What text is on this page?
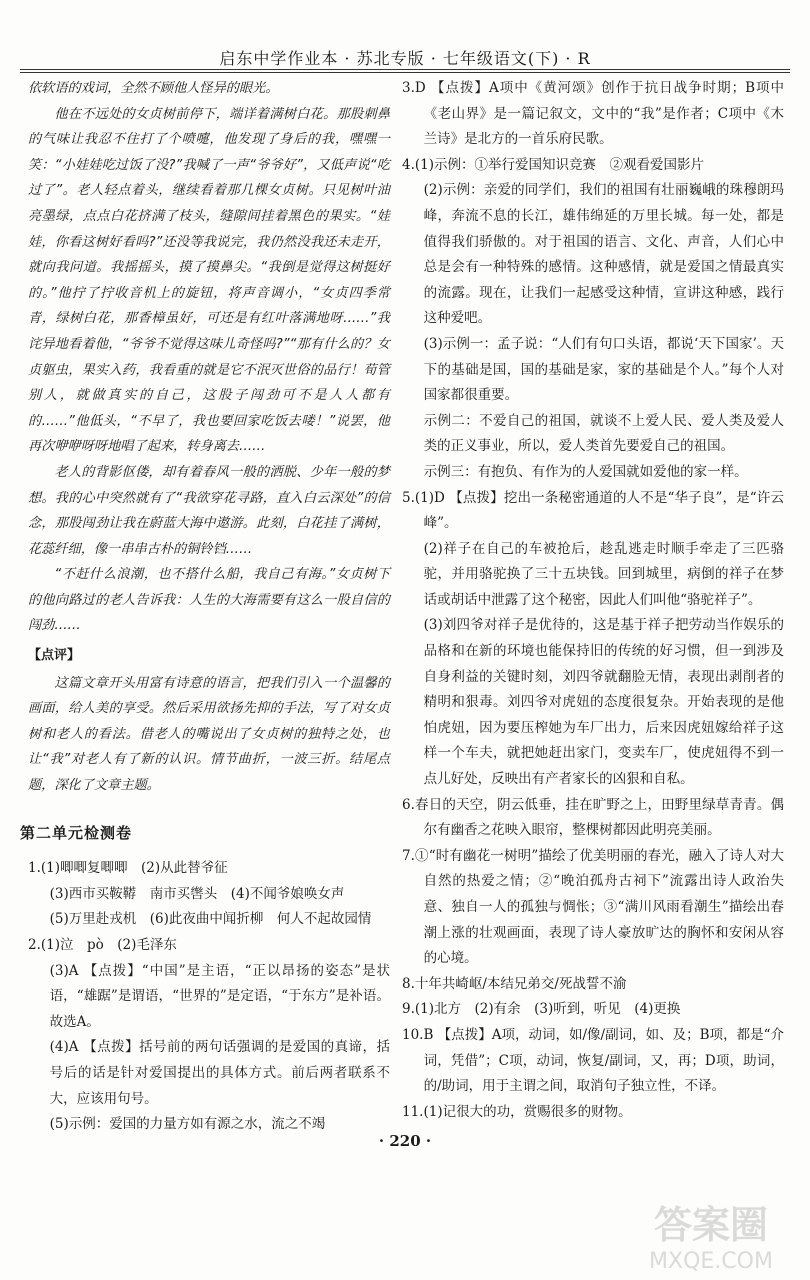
启东中学作业本 · 苏北专版 · 七年级语文(下) · R

依软语的戏词，全然不顾他人怪异的眼光。

他在不远处的女贞树前停下，端详着满树白花。那股刺鼻的气味让我忍不住打了个喷嚏，他发现了身后的我，嘿嘿一笑：“小娃娃吃过饭了没?”我喊了一声“爷爷好”，又低声说“吃过了”。老人轻点着头，继续看着那几棵女贞树。只见树叶油亮墨绿，点点白花挤满了枝头，缝隙间挂着黑色的果实。“娃娃，你看这树好看吗?”还没等我说完，我仍然没我还未走开，就向我问道。我摇摇头，摸了摸鼻尖。“我倒是觉得这树挺好的。”他拧了拧收音机上的旋钮，将声音调小，“女贞四季常青，绿树白花，那香樟虽好，可还是有红叶落满地呀……”我诧异地看着他，“爷爷不觉得这味儿奇怪吗?”“那有什么的？女贞躯虫，果实入药，我看重的就是它不泯灭世俗的品行！荀管别人，就做真实的自己，这股子闯劲可不是人人都有的……”他低头，“不早了，我也要回家吃饭去喽！”说罢，他再次咿咿呀呀地唱了起来，转身离去……

老人的背影伛偻，却有着春风一般的洒脱、少年一般的梦想。我的心中突然就有了“我欲穿花寻路，直入白云深处”的信念，那股闯劲让我在蔚蓝大海中遨游。此刻，白花挂了满树，花蕊纤细，像一串串古朴的铜铃铛……

“不赶什么浪潮，也不搭什么船，我自己有海。”女贞树下的他向路过的老人告诉我：人生的大海需要有这么一股自信的闯劲……

【点评】

这篇文章开头用富有诗意的语言，把我们引入一个温馨的画面，给人美的享受。然后采用欲扬先抑的手法，写了对女贞树和老人的看法。借老人的嘴说出了女贞树的独特之处，也让“我”对老人有了新的认识。情节曲折，一波三折。结尾点题，深化了文章主题。

第二单元检测卷

1.(1)唧唧复唧唧　(2)从此替爷征

(3)西市买鞍鞯　南市买辔头　(4)不闻爷娘唤女声

(5)万里赴戎机　(6)此夜曲中闻折柳　何人不起故园情

2.(1)泣　pò　(2)毛泽东

(3)A 【点拨】“中国”是主语，“正以昂扬的姿态”是状语，“雄踞”是谓语，“世界的”是定语，“于东方”是补语。故选A。

(4)A 【点拨】括号前的两句话强调的是爱国的真谛，括号后的话是针对爱国提出的具体方式。前后两者联系不大，应该用句号。

(5)示例：爱国的力量方如有源之水，流之不竭

3.D 【点拨】A项中《黄河颂》创作于抗日战争时期；B项中《老山界》是一篇记叙文，文中的“我”是作者；C项中《木兰诗》是北方的一首乐府民歌。

4.(1)示例：①举行爱国知识竞赛　②观看爱国影片

(2)示例：亲爱的同学们，我们的祖国有壮丽巍峨的珠穆朗玛峰，奔流不息的长江，雄伟绵延的万里长城。每一处，都是值得我们骄傲的。对于祖国的语言、文化、声音，人们心中总是会有一种特殊的感情。这种感情，就是爱国之情最真实的流露。现在，让我们一起感受这种情，宣讲这种感，践行这种爱吧。

(3)示例一：孟子说：“人们有句口头语，都说‘天下国家’。天下的基础是国，国的基础是家，家的基础是个人。”每个人对国家都很重要。

示例二：不爱自己的祖国，就谈不上爱人民、爱人类及爱人类的正义事业，所以，爱人类首先要爱自己的祖国。

示例三：有抱负、有作为的人爱国就如爱他的家一样。

5.(1)D 【点拨】挖出一条秘密通道的人不是“华子良”，是“许云峰”。

(2)祥子在自己的车被抢后，趁乱逃走时顺手牵走了三匹骆驼，并用骆驼换了三十五块钱。回到城里，病倒的祥子在梦话或胡话中泄露了这个秘密，因此人们叫他“骆驼祥子”。

(3)刘四爷对祥子是优待的，这是基于祥子把劳动当作娱乐的品格和在新的环境也能保持旧的传统的好习惯，但一到涉及自身利益的关键时刻，刘四爷就翻脸无情，表现出剥削者的精明和狠毒。刘四爷对虎妞的态度很复杂。开始表现的是他怕虎妞，因为要压榨她为车厂出力，后来因虎妞嫁给祥子这样一个车夫，就把她赶出家门，变卖车厂，使虎妞得不到一点儿好处，反映出有产者家长的凶狠和自私。

6.春日的天空，阴云低垂，挂在旷野之上，田野里绿草青青。偶尔有幽香之花映入眼帘，整棵树都因此明亮美丽。

7.①“时有幽花一树明”描绘了优美明丽的春光，融入了诗人对大自然的热爱之情；②“晚泊孤舟古祠下”流露出诗人政治失意、独自一人的孤独与惆怅；③“满川风雨看潮生”描绘出春潮上涨的壮观画面，表现了诗人豪放旷达的胸怀和安闲从容的心境。

8.十年共崎岖/本结兄弟交/死战誓不渝

9.(1)北方　(2)有余　(3)听到，听见　(4)更换

10.B 【点拨】A项，动词，如/像/副词，如、及；B项，都是“介词，凭借”；C项，动词，恢复/副词，又，再；D项，助词，的/助词，用于主谓之间，取消句子独立性，不译。

11.(1)记很大的功，赏赐很多的财物。

· 220 ·
答案圈
MXQE.COM
